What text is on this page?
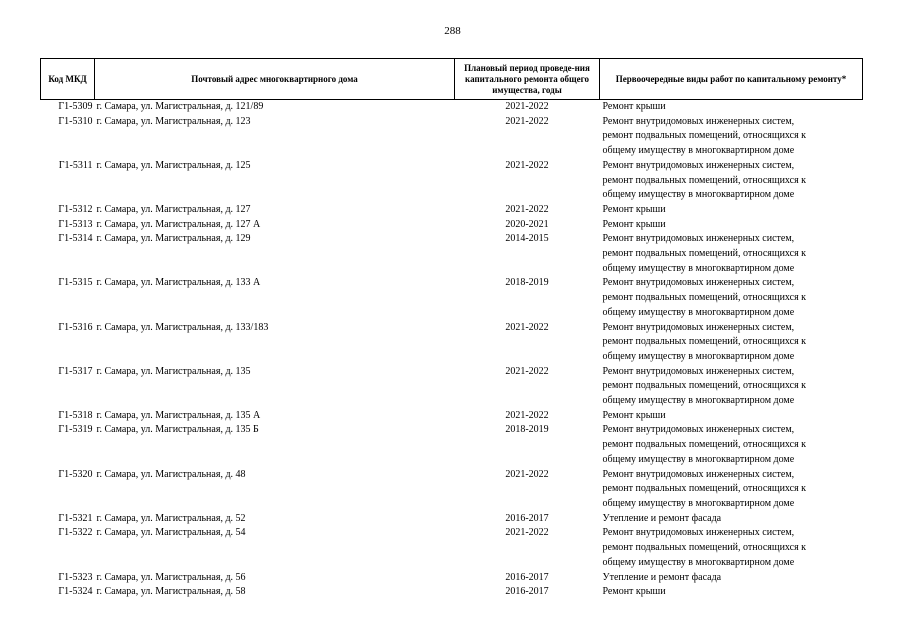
288
Код МКД	Почтовый адрес многоквартирного дома	Плановый период проведе-ния капитального ремонта общего имущества, годы	Первоочередные виды работ по капитальному ремонту*
Г1-5309	г. Самара, ул. Магистральная, д. 121/89	2021-2022	Ремонт крыши

Г1-5310	г. Самара, ул. Магистральная, д. 123	2021-2022	Ремонт внутридомовых инженерных систем,
ремонт подвальных помещений, относящихся к
общему имуществу в многоквартирном доме

Г1-5311	г. Самара, ул. Магистральная, д. 125	2021-2022	Ремонт внутридомовых инженерных систем,
ремонт подвальных помещений, относящихся к
общему имуществу в многоквартирном доме

Г1-5312	г. Самара, ул. Магистральная, д. 127	2021-2022	Ремонт крыши

Г1-5313	г. Самара, ул. Магистральная, д. 127 А	2020-2021	Ремонт крыши

Г1-5314	г. Самара, ул. Магистральная, д. 129	2014-2015	Ремонт внутридомовых инженерных систем,
ремонт подвальных помещений, относящихся к
общему имуществу в многоквартирном доме

Г1-5315	г. Самара, ул. Магистральная, д. 133 А	2018-2019	Ремонт внутридомовых инженерных систем,
ремонт подвальных помещений, относящихся к
общему имуществу в многоквартирном доме

Г1-5316	г. Самара, ул. Магистральная, д. 133/183	2021-2022	Ремонт внутридомовых инженерных систем,
ремонт подвальных помещений, относящихся к
общему имуществу в многоквартирном доме

Г1-5317	г. Самара, ул. Магистральная, д. 135	2021-2022	Ремонт внутридомовых инженерных систем,
ремонт подвальных помещений, относящихся к
общему имуществу в многоквартирном доме

Г1-5318	г. Самара, ул. Магистральная, д. 135 А	2021-2022	Ремонт крыши

Г1-5319	г. Самара, ул. Магистральная, д. 135 Б	2018-2019	Ремонт внутридомовых инженерных систем,
ремонт подвальных помещений, относящихся к
общему имуществу в многоквартирном доме

Г1-5320	г. Самара, ул. Магистральная, д. 48	2021-2022	Ремонт внутридомовых инженерных систем,
ремонт подвальных помещений, относящихся к
общему имуществу в многоквартирном доме

Г1-5321	г. Самара, ул. Магистральная, д. 52	2016-2017	Утепление и ремонт фасада

Г1-5322	г. Самара, ул. Магистральная, д. 54	2021-2022	Ремонт внутридомовых инженерных систем,
ремонт подвальных помещений, относящихся к
общему имуществу в многоквартирном доме

Г1-5323	г. Самара, ул. Магистральная, д. 56	2016-2017	Утепление и ремонт фасада

Г1-5324	г. Самара, ул. Магистральная, д. 58	2016-2017	Ремонт крыши
